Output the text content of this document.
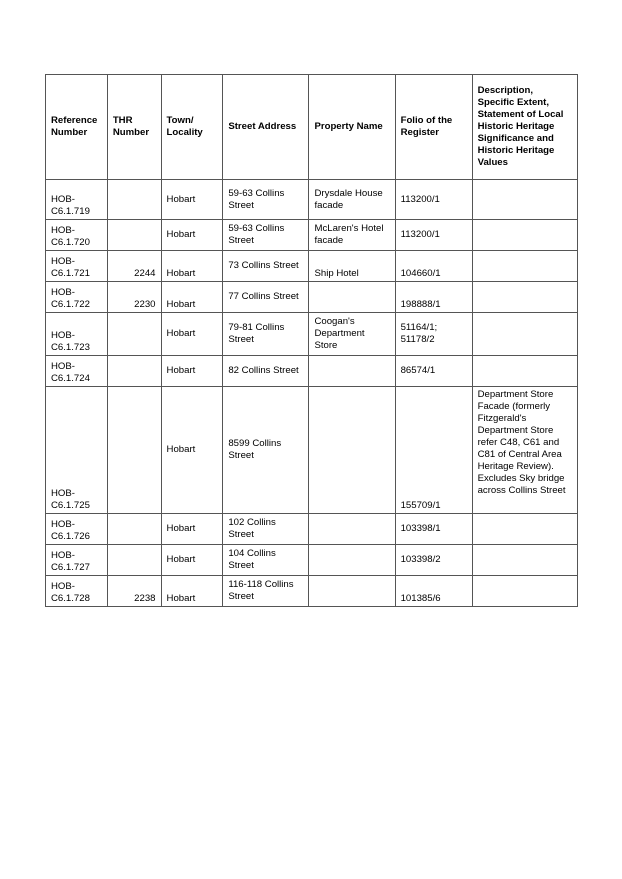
Reference Number	THR Number	Town/ Locality	Street Address	Property Name	Folio of the Register	Description, Specific Extent, Statement of Local Historic Heritage Significance and Historic Heritage Values
HOB-C6.1.719		Hobart	59-63 Collins Street	Drysdale House facade	113200/1	
HOB-C6.1.720		Hobart	59-63 Collins Street	McLaren's Hotel facade	113200/1	
HOB-C6.1.721	2244	Hobart	73 Collins Street	Ship Hotel	104660/1	
HOB-C6.1.722	2230	Hobart	77 Collins Street		198888/1	
HOB-C6.1.723		Hobart	79-81 Collins Street	Coogan's Department Store	51164/1; 51178/2	
HOB-C6.1.724		Hobart	82 Collins Street		86574/1	
HOB-C6.1.725		Hobart	8599 Collins Street		155709/1	Department Store Facade (formerly Fitzgerald's Department Store refer C48, C61 and C81 of Central Area Heritage Review). Excludes Sky bridge across Collins Street
HOB-C6.1.726		Hobart	102 Collins Street		103398/1	
HOB-C6.1.727		Hobart	104 Collins Street		103398/2	
HOB-C6.1.728	2238	Hobart	116-118 Collins Street		101385/6	
